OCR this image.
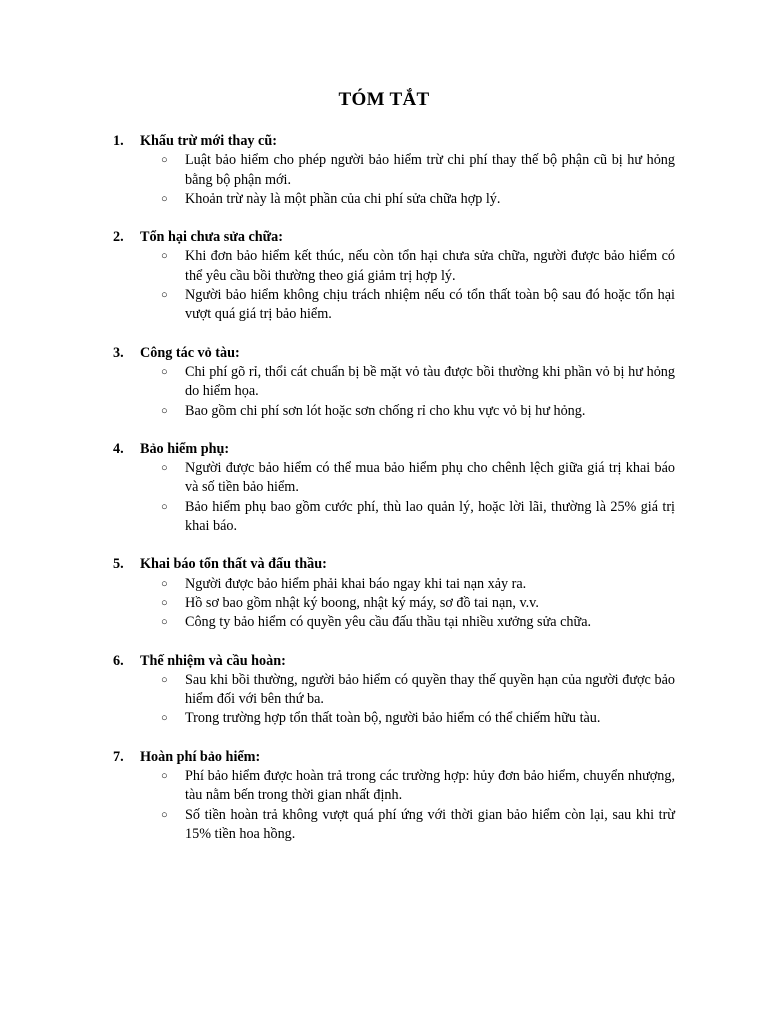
TÓM TẮT
1.	Khấu trừ mới thay cũ:
○	Luật bảo hiểm cho phép người bảo hiểm trừ chi phí thay thế bộ phận cũ bị hư hỏng bằng bộ phận mới.
○	Khoản trừ này là một phần của chi phí sửa chữa hợp lý.
2.	Tổn hại chưa sửa chữa:
○	Khi đơn bảo hiểm kết thúc, nếu còn tổn hại chưa sửa chữa, người được bảo hiểm có thể yêu cầu bồi thường theo giá giảm trị hợp lý.
○	Người bảo hiểm không chịu trách nhiệm nếu có tổn thất toàn bộ sau đó hoặc tổn hại vượt quá giá trị bảo hiểm.
3.	Công tác vỏ tàu:
○	Chi phí gõ rỉ, thổi cát chuẩn bị bề mặt vỏ tàu được bồi thường khi phần vỏ bị hư hỏng do hiểm họa.
○	Bao gồm chi phí sơn lót hoặc sơn chống rỉ cho khu vực vỏ bị hư hỏng.
4.	Bảo hiểm phụ:
○	Người được bảo hiểm có thể mua bảo hiểm phụ cho chênh lệch giữa giá trị khai báo và số tiền bảo hiểm.
○	Bảo hiểm phụ bao gồm cước phí, thù lao quản lý, hoặc lời lãi, thường là 25% giá trị khai báo.
5.	Khai báo tổn thất và đấu thầu:
○	Người được bảo hiểm phải khai báo ngay khi tai nạn xảy ra.
○	Hồ sơ bao gồm nhật ký boong, nhật ký máy, sơ đồ tai nạn, v.v.
○	Công ty bảo hiểm có quyền yêu cầu đấu thầu tại nhiều xưởng sửa chữa.
6.	Thế nhiệm và cầu hoàn:
○	Sau khi bồi thường, người bảo hiểm có quyền thay thế quyền hạn của người được bảo hiểm đối với bên thứ ba.
○	Trong trường hợp tổn thất toàn bộ, người bảo hiểm có thể chiếm hữu tàu.
7.	Hoàn phí bảo hiểm:
○	Phí bảo hiểm được hoàn trả trong các trường hợp: hủy đơn bảo hiểm, chuyển nhượng, tàu nằm bến trong thời gian nhất định.
○	Số tiền hoàn trả không vượt quá phí ứng với thời gian bảo hiểm còn lại, sau khi trừ 15% tiền hoa hồng.
